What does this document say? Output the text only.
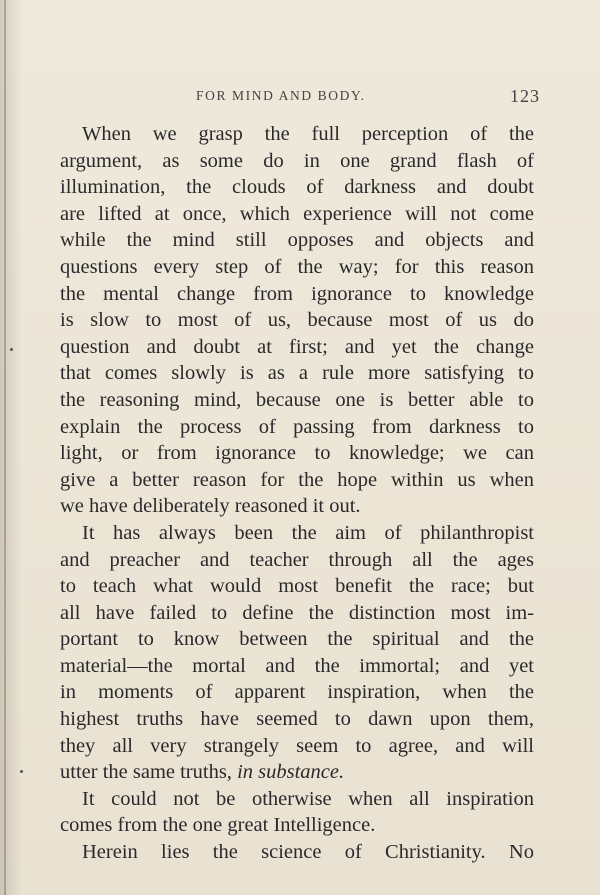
FOR MIND AND BODY.	123
When we grasp the full perception of the
argument, as some do in one grand flash of
illumination, the clouds of darkness and doubt
are lifted at once, which experience will not come
while the mind still opposes and objects and
questions every step of the way; for this reason
the mental change from ignorance to knowledge
is slow to most of us, because most of us do
question and doubt at first; and yet the change
that comes slowly is as a rule more satisfying to
the reasoning mind, because one is better able to
explain the process of passing from darkness to
light, or from ignorance to knowledge; we can
give a better reason for the hope within us when
we have deliberately reasoned it out.
It has always been the aim of philanthropist
and preacher and teacher through all the ages
to teach what would most benefit the race; but
all have failed to define the distinction most im-
portant to know between the spiritual and the
material—the mortal and the immortal; and yet
in moments of apparent inspiration, when the
highest truths have seemed to dawn upon them,
they all very strangely seem to agree, and will
utter the same truths, in substance.
It could not be otherwise when all inspiration
comes from the one great Intelligence.
Herein lies the science of Christianity. No
